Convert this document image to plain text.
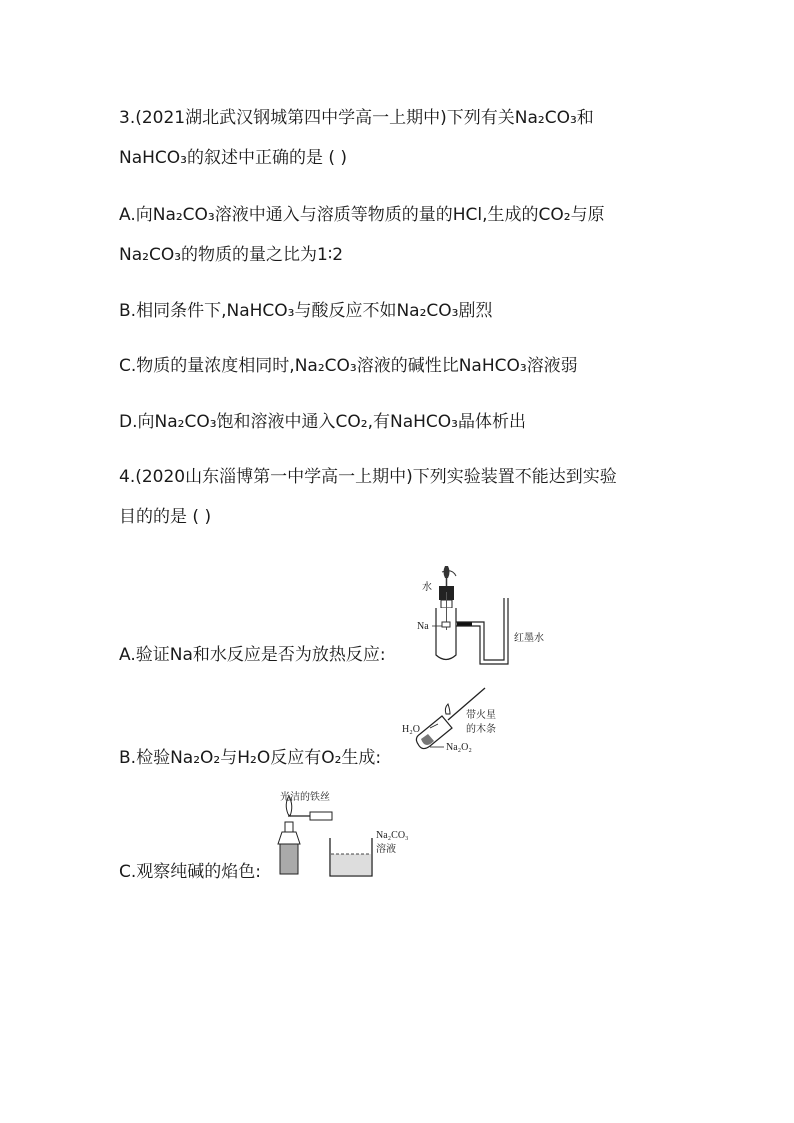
3.(2021湖北武汉钢城第四中学高一上期中)下列有关Na₂CO₃和
NaHCO₃的叙述中正确的是 ( )
A.向Na₂CO₃溶液中通入与溶质等物质的量的HCl,生成的CO₂与原
Na₂CO₃的物质的量之比为1∶2
B.相同条件下,NaHCO₃与酸反应不如Na₂CO₃剧烈
C.物质的量浓度相同时,Na₂CO₃溶液的碱性比NaHCO₃溶液弱
D.向Na₂CO₃饱和溶液中通入CO₂,有NaHCO₃晶体析出
4.(2020山东淄博第一中学高一上期中)下列实验装置不能达到实验
目的的是 ( )
A.验证Na和水反应是否为放热反应:
B.检验Na₂O₂与H₂O反应有O₂生成:
C.观察纯碱的焰色:
水
Na
红墨水
H₂O
带火星
的木条
Na₂O₂
光洁的铁丝
Na₂CO₃
溶液
